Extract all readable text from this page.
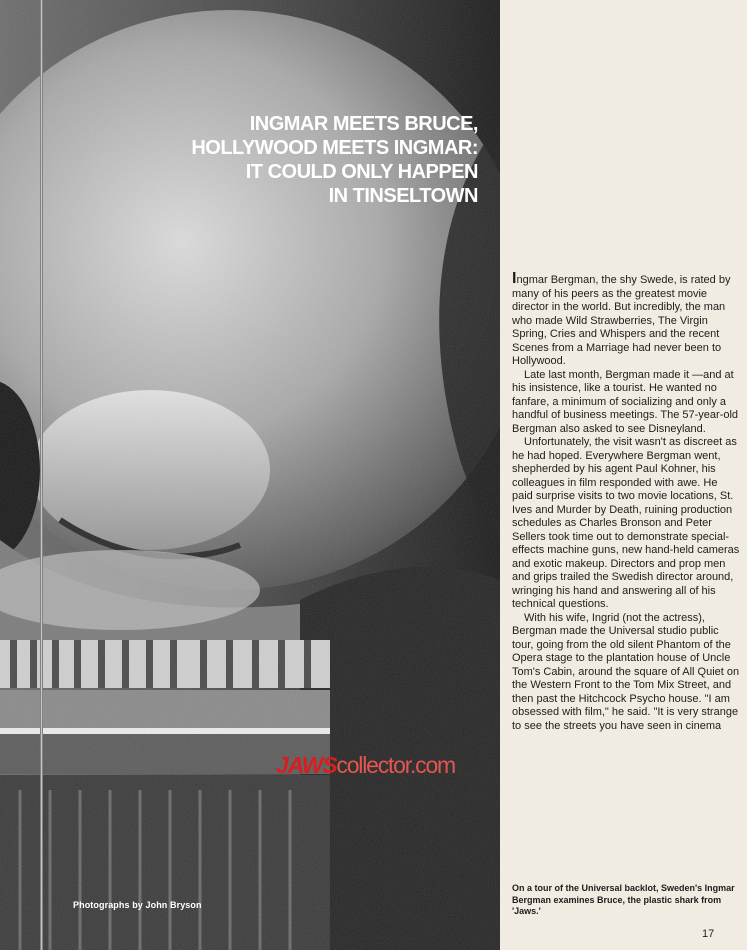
INGMAR MEETS BRUCE,
HOLLYWOOD MEETS INGMAR:
IT COULD ONLY HAPPEN
IN TINSELTOWN
JAWScollector.com
Photographs by John Bryson

Ingmar Bergman, the shy Swede, is rated by many of his peers as the greatest movie director in the world. But incredibly, the man who made Wild Strawberries, The Virgin Spring, Cries and Whispers and the recent Scenes from a Marriage had never been to Hollywood.

Late last month, Bergman made it —and at his insistence, like a tourist. He wanted no fanfare, a minimum of socializing and only a handful of business meetings. The 57-year-old Bergman also asked to see Disneyland.

Unfortunately, the visit wasn't as discreet as he had hoped. Everywhere Bergman went, shepherded by his agent Paul Kohner, his colleagues in film responded with awe. He paid surprise visits to two movie locations, St. Ives and Murder by Death, ruining production schedules as Charles Bronson and Peter Sellers took time out to demonstrate special-effects machine guns, new hand-held cameras and exotic makeup. Directors and prop men and grips trailed the Swedish director around, wringing his hand and answering all of his technical questions.

With his wife, Ingrid (not the actress), Bergman made the Universal studio public tour, going from the old silent Phantom of the Opera stage to the plantation house of Uncle Tom's Cabin, around the square of All Quiet on the Western Front to the Tom Mix Street, and then past the Hitchcock Psycho house. "I am obsessed with film," he said. "It is very strange to see the streets you have seen in cinema

On a tour of the Universal backlot, Sweden's Ingmar Bergman examines Bruce, the plastic shark from 'Jaws.'
17
